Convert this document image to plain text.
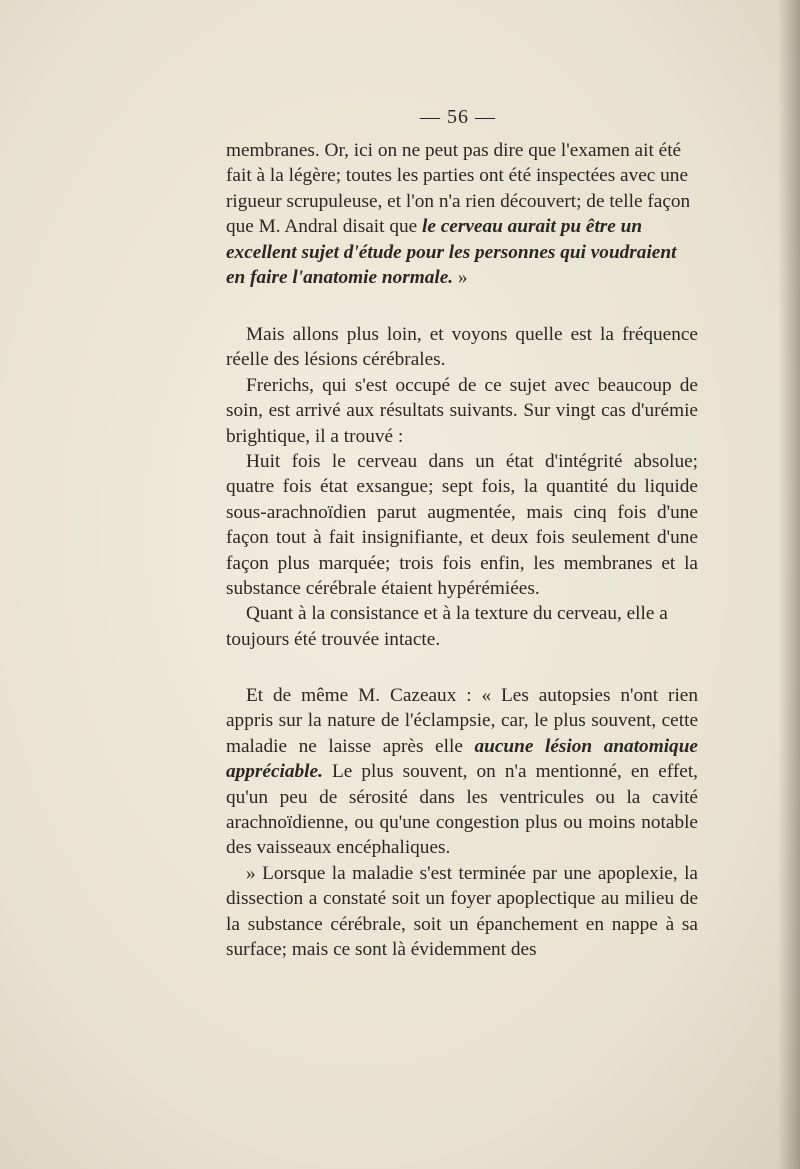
— 56 —

membranes. Or, ici on ne peut pas dire que l'examen ait été fait à la légère; toutes les parties ont été inspectées avec une rigueur scrupuleuse, et l'on n'a rien découvert; de telle façon que M. Andral disait que le cerveau aurait pu être un excellent sujet d'étude pour les personnes qui voudraient en faire l'anatomie normale. »

Mais allons plus loin, et voyons quelle est la fréquence réelle des lésions cérébrales.

Frerichs, qui s'est occupé de ce sujet avec beaucoup de soin, est arrivé aux résultats suivants. Sur vingt cas d'urémie brightique, il a trouvé :

Huit fois le cerveau dans un état d'intégrité absolue; quatre fois état exsangue; sept fois, la quantité du liquide sous-arachnoïdien parut augmentée, mais cinq fois d'une façon tout à fait insignifiante, et deux fois seulement d'une façon plus marquée; trois fois enfin, les membranes et la substance cérébrale étaient hypérémiées.

Quant à la consistance et à la texture du cerveau, elle a toujours été trouvée intacte.

Et de même M. Cazeaux : « Les autopsies n'ont rien appris sur la nature de l'éclampsie, car, le plus souvent, cette maladie ne laisse après elle aucune lésion anatomique appréciable. Le plus souvent, on n'a mentionné, en effet, qu'un peu de sérosité dans les ventricules ou la cavité arachnoïdienne, ou qu'une congestion plus ou moins notable des vaisseaux encéphaliques.

» Lorsque la maladie s'est terminée par une apoplexie, la dissection a constaté soit un foyer apoplectique au milieu de la substance cérébrale, soit un épanchement en nappe à sa surface; mais ce sont là évidemment des
